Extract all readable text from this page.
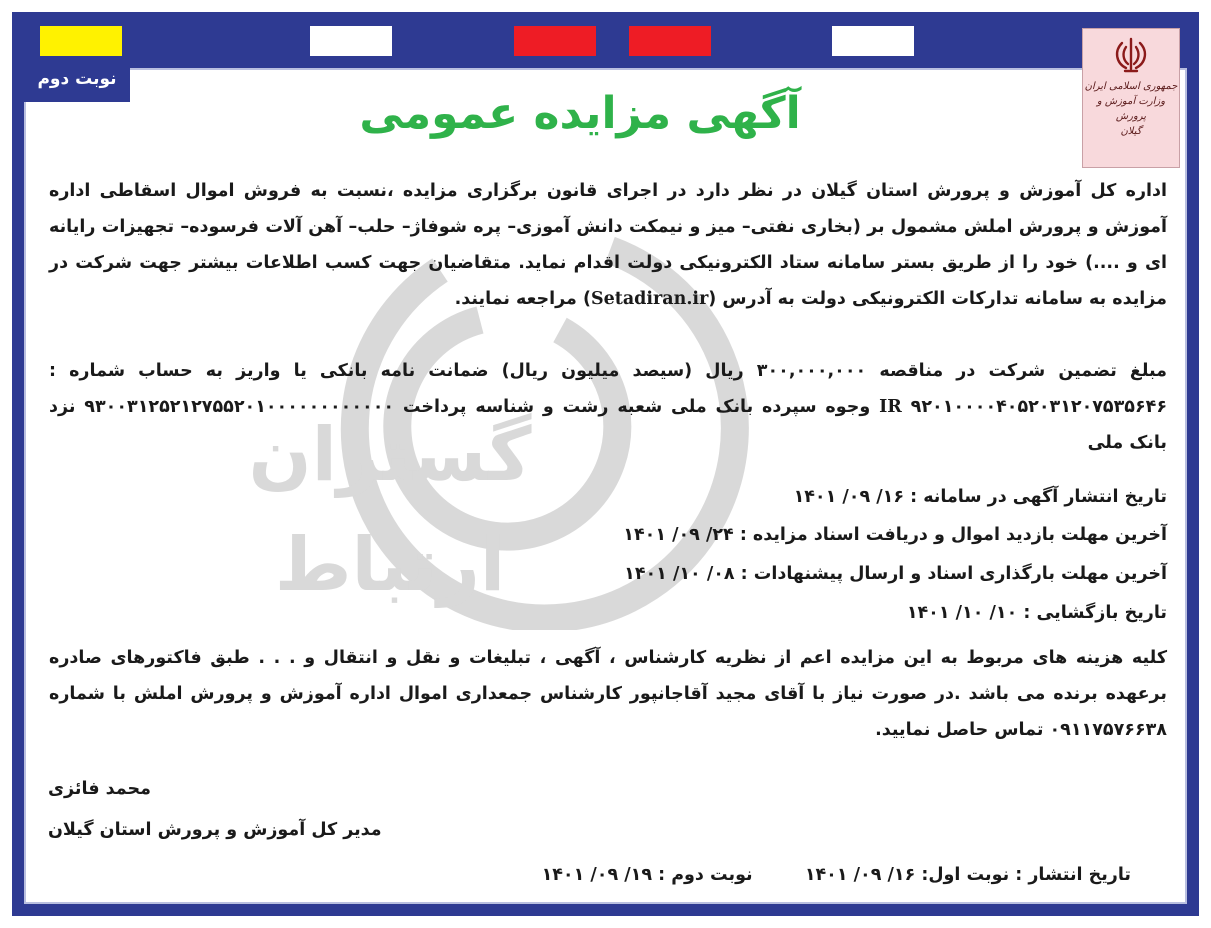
جمهوری اسلامی ایران
وزارت آموزش و پرورش
گیلان
نوبت دوم
آگهی مزایده عمومی
گستران
ارتباط
اداره کل آموزش و پرورش استان گیلان در نظر دارد در اجرای قانون برگزاری مزایده ،نسبت به فروش اموال اسقاطی اداره آموزش و پرورش املش مشمول بر (بخاری نفتی– میز و نیمکت دانش آموزی– پره شوفاژ– حلب– آهن آلات فرسوده– تجهیزات رایانه ای و ....) خود را از طریق بستر سامانه ستاد الکترونیکی دولت اقدام نماید. متقاضیان جهت کسب اطلاعات بیشتر جهت شرکت در مزایده به سامانه تدارکات الکترونیکی دولت به آدرس (Setadiran.ir) مراجعه نمایند.
مبلغ تضمین شرکت در مناقصه ۳۰۰,۰۰۰,۰۰۰ ریال (سیصد میلیون ریال) ضمانت نامه بانکی یا واریز به حساب شماره : ۹۲۰۱۰۰۰۰۴۰۵۲۰۳۱۲۰۷۵۳۵۶۴۶ IR وجوه سپرده بانک ملی شعبه رشت و شناسه پرداخت ۹۳۰۰۳۱۲۵۲۱۲۷۵۵۲۰۱۰۰۰۰۰۰۰۰۰۰۰۰ نزد بانک ملی
تاریخ انتشار آگهی در سامانه : ۱۶/ ۰۹/ ۱۴۰۱
آخرین مهلت بازدید اموال و دریافت اسناد مزایده : ۲۴/ ۰۹/ ۱۴۰۱
آخرین مهلت بارگذاری اسناد و ارسال پیشنهادات : ۰۸/ ۱۰/ ۱۴۰۱
تاریخ بازگشایی : ۱۰/ ۱۰/ ۱۴۰۱
کلیه هزینه های مربوط به این مزایده اعم از نظریه کارشناس ، آگهی ، تبلیغات و نقل و انتقال و . . . طبق فاکتورهای صادره برعهده برنده می باشد .در صورت نیاز با آقای مجید آقاجانپور کارشناس جمعداری اموال اداره آموزش و پرورش املش با شماره ۰۹۱۱۷۵۷۶۶۳۸ تماس حاصل نمایید.
محمد فائزی
مدیر کل آموزش و پرورش استان گیلان
تاریخ انتشار : نوبت اول: ۱۶/ ۰۹/ ۱۴۰۱  نوبت دوم : ۱۹/ ۰۹/ ۱۴۰۱
